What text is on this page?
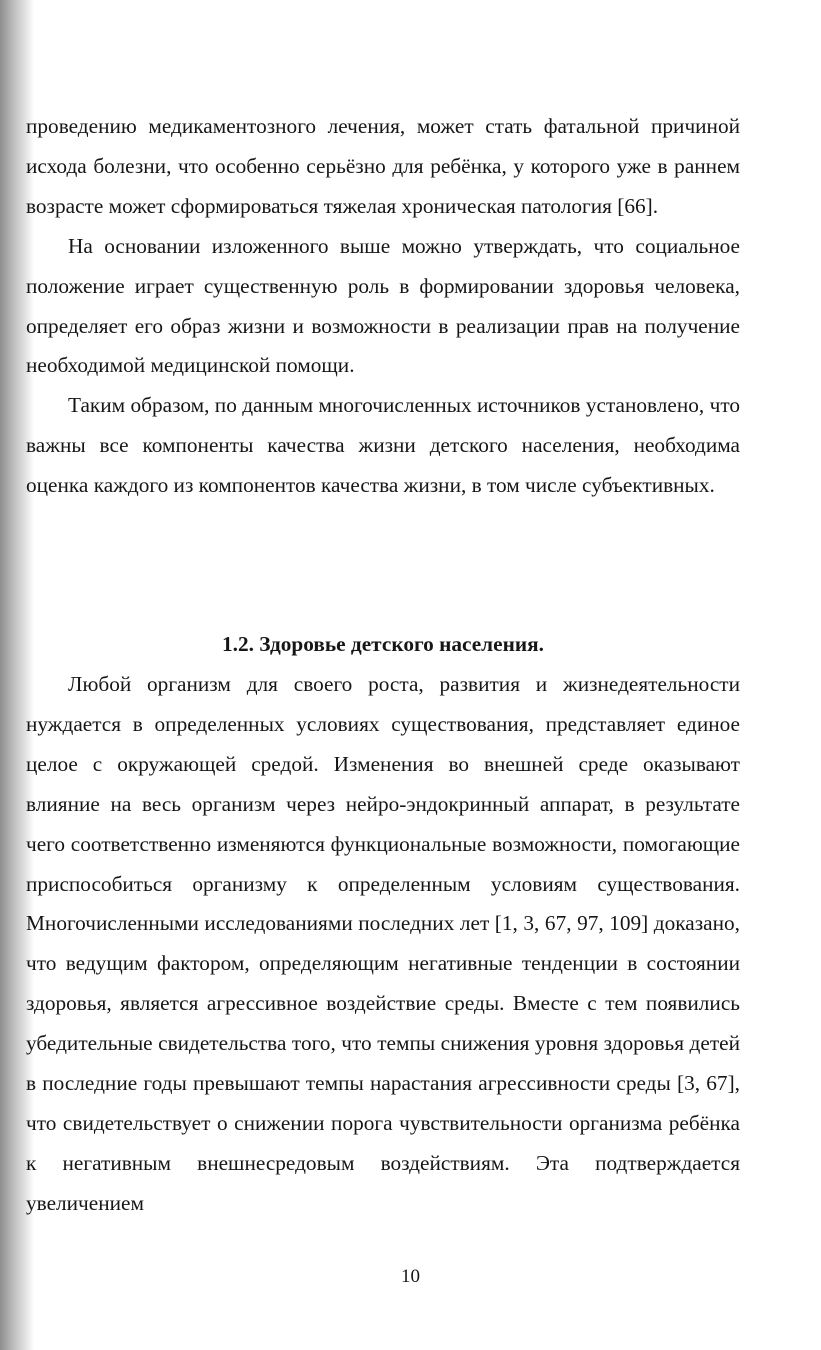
проведению медикаментозного лечения, может стать фатальной причиной исхода болезни, что особенно серьёзно для ребёнка, у которого уже в раннем возрасте может сформироваться тяжелая хроническая патология [66].

На основании изложенного выше можно утверждать, что социальное положение играет существенную роль в формировании здоровья человека, определяет его образ жизни и возможности в реализации прав на получение необходимой медицинской помощи.

Таким образом, по данным многочисленных источников установлено, что важны все компоненты качества жизни детского населения, необходима оценка каждого из компонентов качества жизни, в том числе субъективных.

1.2. Здоровье детского населения.

Любой организм для своего роста, развития и жизнедеятельности нуждается в определенных условиях существования, представляет единое целое с окружающей средой. Изменения во внешней среде оказывают влияние на весь организм через нейро-эндокринный аппарат, в результате чего соответственно изменяются функциональные возможности, помогающие приспособиться организму к определенным условиям существования. Многочисленными исследованиями последних лет [1, 3, 67, 97, 109] доказано, что ведущим фактором, определяющим негативные тенденции в состоянии здоровья, является агрессивное воздействие среды. Вместе с тем появились убедительные свидетельства того, что темпы снижения уровня здоровья детей в последние годы превышают темпы нарастания агрессивности среды [3, 67], что свидетельствует о снижении порога чувствительности организма ребёнка к негативным внешнесредовым воздействиям. Эта подтверждается увеличением

10
